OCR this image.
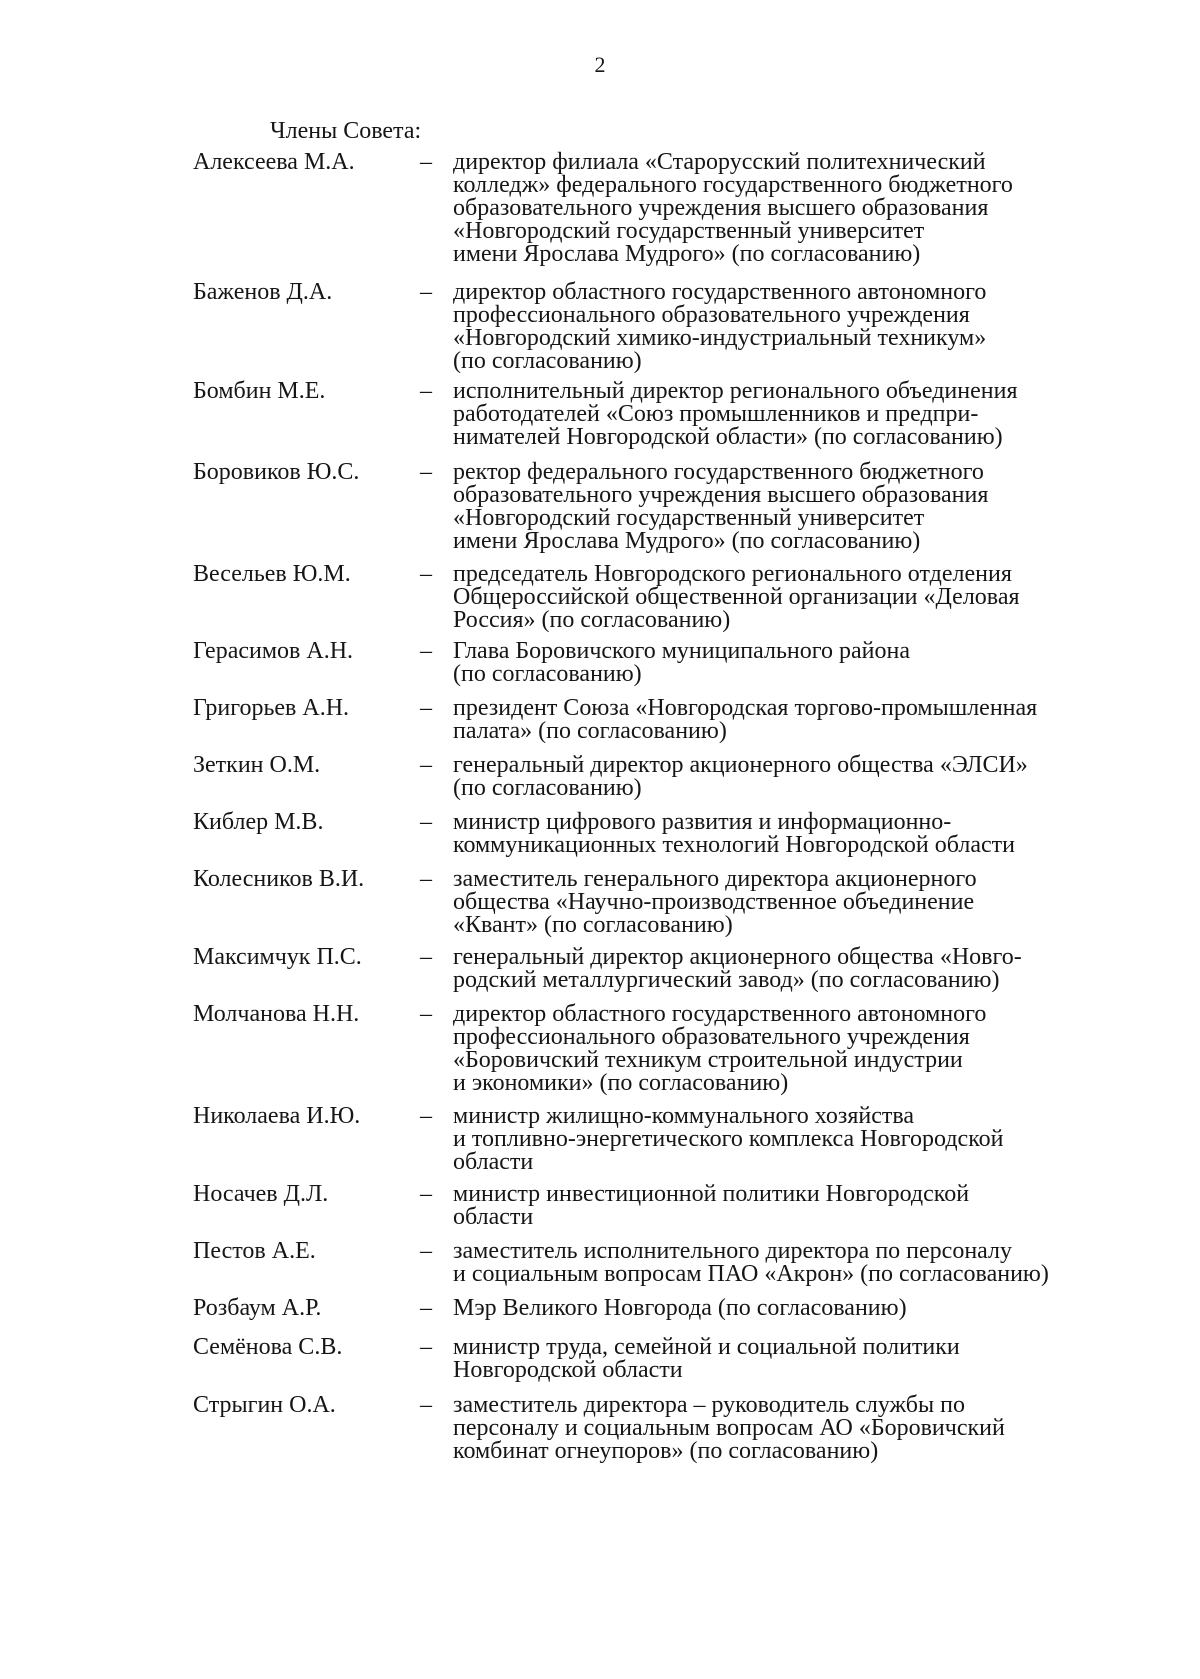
2
Члены Совета:
Алексеева М.А.	– директор филиала «Старорусский политехнический
колледж» федерального государственного бюджетного
образовательного учреждения высшего образования
«Новгородский государственный университет
имени Ярослава Мудрого» (по согласованию)
Баженов Д.А.	– директор областного государственного автономного
профессионального образовательного учреждения
«Новгородский химико-индустриальный техникум»
(по согласованию)
Бомбин М.Е.	– исполнительный директор регионального объединения
работодателей «Союз промышленников и предпри-
нимателей Новгородской области» (по согласованию)
Боровиков Ю.С.	– ректор федерального государственного бюджетного
образовательного учреждения высшего образования
«Новгородский государственный университет
имени Ярослава Мудрого» (по согласованию)
Весельев Ю.М.	– председатель Новгородского регионального отделения
Общероссийской общественной организации «Деловая
Россия» (по согласованию)
Герасимов А.Н.	– Глава Боровичского муниципального района
(по согласованию)
Григорьев А.Н.	– президент Союза «Новгородская торгово-промышленная
палата» (по согласованию)
Зеткин О.М.	– генеральный директор акционерного общества «ЭЛСИ»
(по согласованию)
Киблер М.В.	– министр цифрового развития и информационно-
коммуникационных технологий Новгородской области
Колесников В.И. – заместитель генерального директора акционерного
общества «Научно-производственное объединение
«Квант» (по согласованию)
Максимчук П.С. – генеральный директор акционерного общества «Новго-
родский металлургический завод» (по согласованию)
Молчанова Н.Н.	– директор областного государственного автономного
профессионального образовательного учреждения
«Боровичский техникум строительной индустрии
и экономики» (по согласованию)
Николаева И.Ю. – министр жилищно-коммунального хозяйства
и топливно-энергетического комплекса Новгородской
области
Носачев Д.Л.	– министр инвестиционной политики Новгородской
области
Пестов А.Е.	– заместитель исполнительного директора по персоналу
и социальным вопросам ПАО «Акрон» (по согласованию)
Розбаум А.Р.	– Мэр Великого Новгорода (по согласованию)
Семёнова С.В.	– министр труда, семейной и социальной политики
Новгородской области
Стрыгин О.А.	– заместитель директора – руководитель службы по
персоналу и социальным вопросам АО «Боровичский
комбинат огнеупоров» (по согласованию)
